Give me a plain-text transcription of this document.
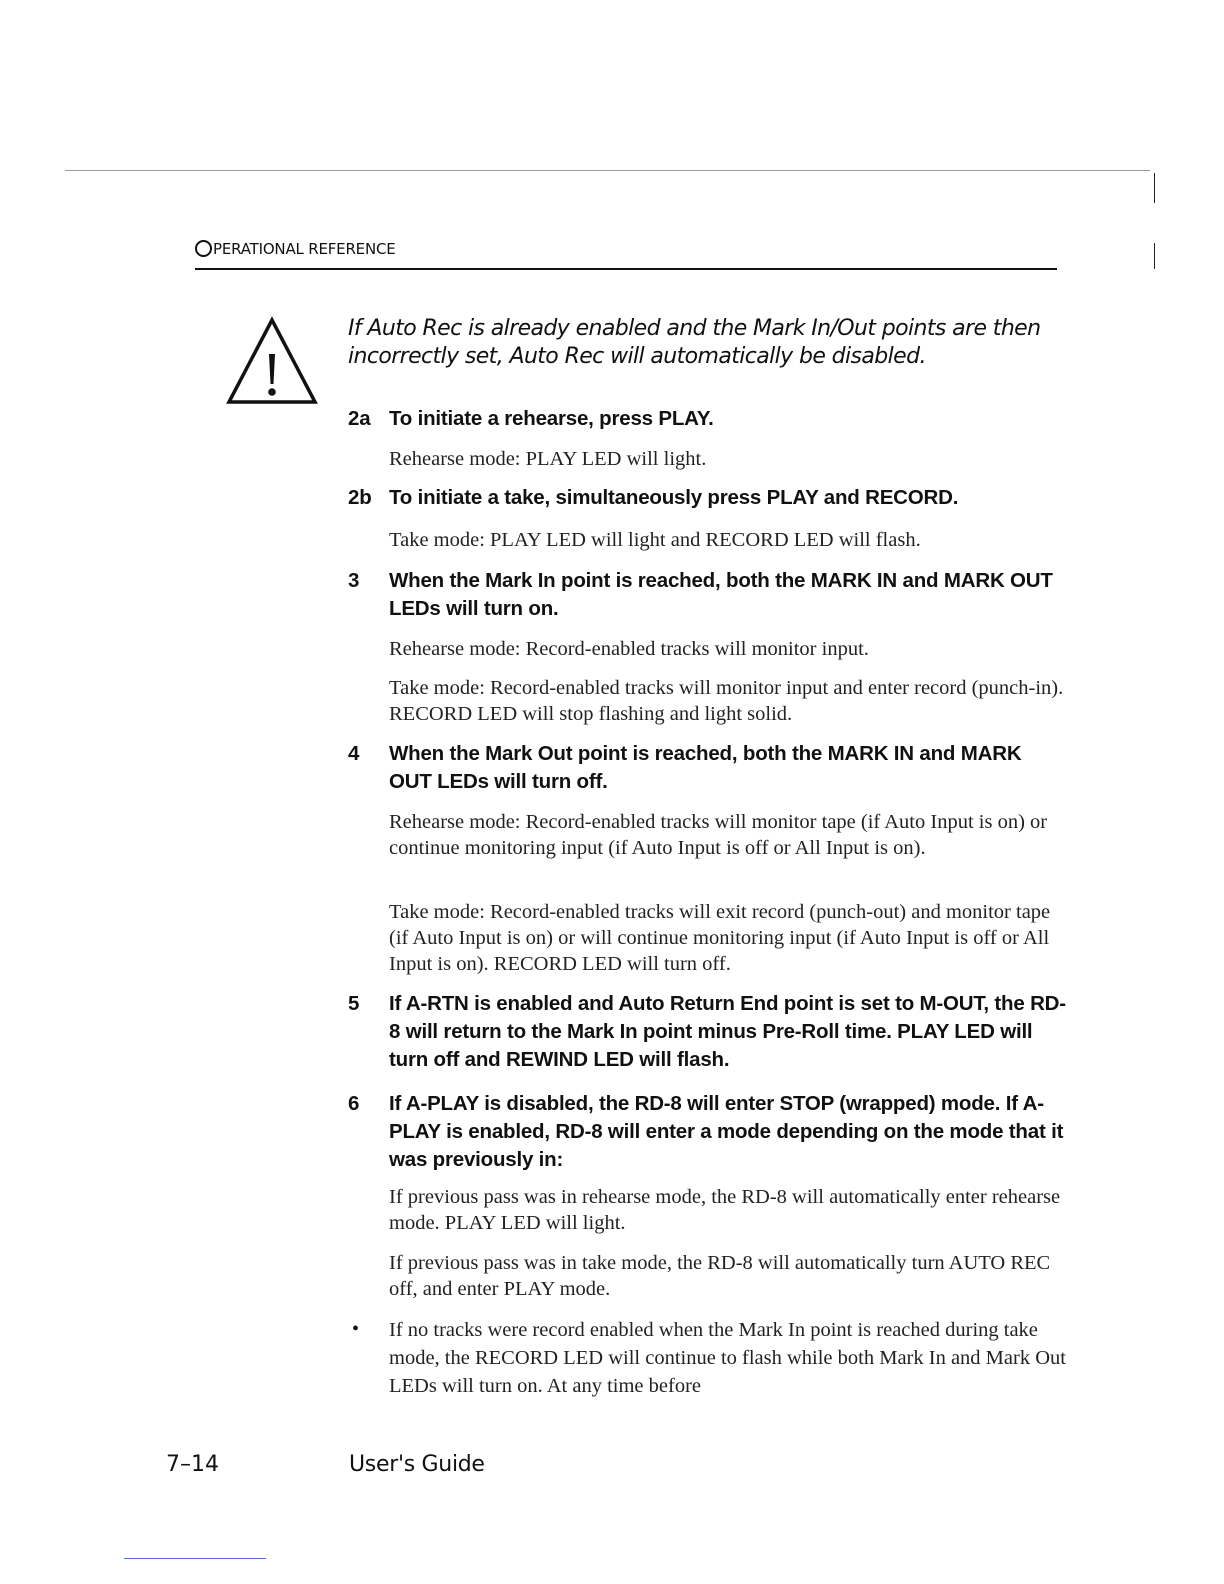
PERATIONAL REFERENCE
If Auto Rec is already enabled and the Mark In/Out points are then incorrectly set, Auto Rec will automatically be disabled.
2a To initiate a rehearse, press PLAY.
Rehearse mode: PLAY LED will light.
2b To initiate a take, simultaneously press PLAY and RECORD.
Take mode: PLAY LED will light and RECORD LED will flash.
3	When the Mark In point is reached, both the MARK IN and MARK OUT LEDs will turn on.
Rehearse mode: Record-enabled tracks will monitor input.
Take mode: Record-enabled tracks will monitor input and enter record (punch-in). RECORD LED will stop flashing and light solid.
4	When the Mark Out point is reached, both the MARK IN and MARK OUT LEDs will turn off.
Rehearse mode: Record-enabled tracks will monitor tape (if Auto Input is on) or continue monitoring input (if Auto Input is off or All Input is on).
Take mode: Record-enabled tracks will exit record (punch-out) and monitor tape (if Auto Input is on) or will continue monitoring input (if Auto Input is off or All Input is on). RECORD LED will turn off.
5	If A-RTN is enabled and Auto Return End point is set to M-OUT, the RD-8 will return to the Mark In point minus Pre-Roll time. PLAY LED will turn off and REWIND LED will flash.
6	If A-PLAY is disabled, the RD-8 will enter STOP (wrapped) mode. If A-PLAY is enabled, RD-8 will enter a mode depending on the mode that it was previously in:
If previous pass was in rehearse mode, the RD-8 will automatically enter rehearse mode. PLAY LED will light.
If previous pass was in take mode, the RD-8 will automatically turn AUTO REC off, and enter PLAY mode.
• If no tracks were record enabled when the Mark In point is reached during take mode, the RECORD LED will continue to flash while both Mark In and Mark Out LEDs will turn on. At any time before
7–14	User's Guide
